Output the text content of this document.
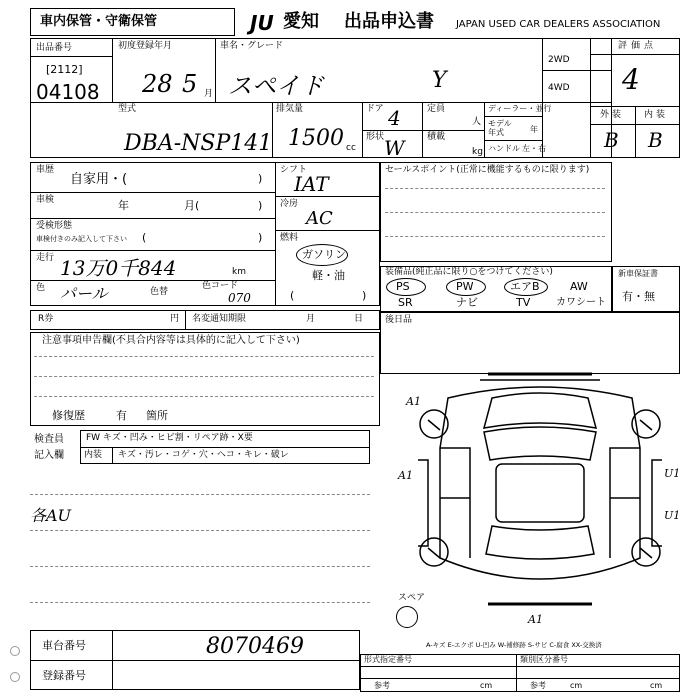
車内保管・守衛保管	JU 愛知 出品申込書 JAPAN USED CAR DEALERS ASSOCIATION
出品番号
[2112]
04108
初度登録年月
28 5 月
車名・グレード
スペイド	Y
2WD
4WD
評価点
4
外装 内装
B B
型式
DBA-NSP141
排気量
1500 cc
ドア 4
形状 W
定員
人
積載
kg
ディーラー・並行
モデル
年式	年
ハンドル 左・右
車歴
自家用・(	)
車検	年	月(	)
受検形態
車検付きのみ記入して下さい (	)
走行 13万0千844	km
色 パール	色替
色コード
070
シフト
IAT
冷房
AC
燃料
ガソリン
軽・油
(	)
セールスポイント(正常に機能するものに限ります)
装備品(純正品に限り○をつけてください)
PS	PW	エアB	AW
SR	ナビ	TV	カワシート
新車保証書
有・無
R券	円 名変通知期限	月	日 後日品
注意事項申告欄(不具合内容等は具体的に記入して下さい)
修復歴	有 箇所
検査員
記入欄
FW キズ・凹み・ヒビ割・リペア跡・X要
内装 キズ・汚レ・コゲ・穴・ヘコ・キレ・破レ
各AU
A1
A1	U1
U1
A1
スペア
A-キズ E-エクボ U-凹み W-補修跡 S-サビ C-腐食 XX-交換済
車台番号	8070469
登録番号
形式指定番号	類別区分番号
参考	参考
cm	cm	cm
